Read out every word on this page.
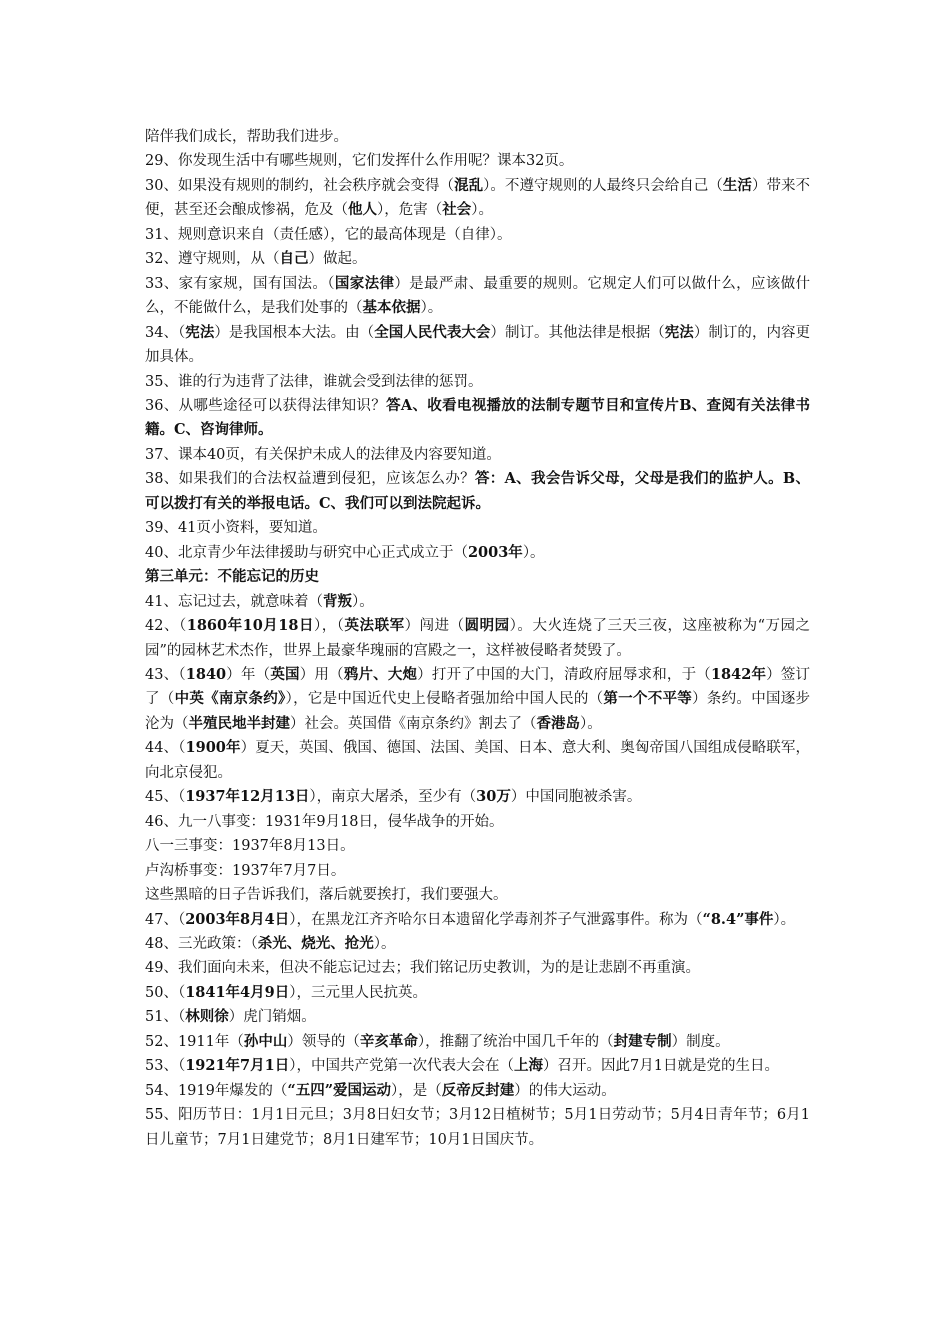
陪伴我们成长，帮助我们进步。

29、你发现生活中有哪些规则，它们发挥什么作用呢？课本32页。

30、如果没有规则的制约，社会秩序就会变得（混乱）。不遵守规则的人最终只会给自己（生活）带来不便，甚至还会酿成惨祸，危及（他人），危害（社会）。

31、规则意识来自（责任感），它的最高体现是（自律）。

32、遵守规则，从（自己）做起。

33、家有家规，国有国法。（国家法律）是最严肃、最重要的规则。它规定人们可以做什么，应该做什么，不能做什么，是我们处事的（基本依据）。

34、（宪法）是我国根本大法。由（全国人民代表大会）制订。其他法律是根据（宪法）制订的，内容更加具体。

35、谁的行为违背了法律，谁就会受到法律的惩罚。

36、从哪些途径可以获得法律知识？答A、收看电视播放的法制专题节目和宣传片B、查阅有关法律书籍。C、咨询律师。

37、课本40页，有关保护未成人的法律及内容要知道。

38、如果我们的合法权益遭到侵犯，应该怎么办？答：A、我会告诉父母，父母是我们的监护人。B、可以拨打有关的举报电话。C、我们可以到法院起诉。

39、41页小资料，要知道。

40、北京青少年法律援助与研究中心正式成立于（2003年）。

第三单元：不能忘记的历史

41、忘记过去，就意味着（背叛）。

42、（1860年10月18日），（英法联军）闯进（圆明园）。大火连烧了三天三夜，这座被称为“万园之园”的园林艺术杰作，世界上最豪华瑰丽的宫殿之一，这样被侵略者焚毁了。

43、（1840）年（英国）用（鸦片、大炮）打开了中国的大门，清政府屈辱求和，于（1842年）签订了（中英《南京条约》），它是中国近代史上侵略者强加给中国人民的（第一个不平等）条约。中国逐步沦为（半殖民地半封建）社会。英国借《南京条约》割去了（香港岛）。

44、（1900年）夏天，英国、俄国、德国、法国、美国、日本、意大利、奥匈帝国八国组成侵略联军，向北京侵犯。

45、（1937年12月13日），南京大屠杀，至少有（30万）中国同胞被杀害。

46、九一八事变：1931年9月18日，侵华战争的开始。

八一三事变：1937年8月13日。

卢沟桥事变：1937年7月7日。

这些黑暗的日子告诉我们，落后就要挨打，我们要强大。

47、（2003年8月4日），在黑龙江齐齐哈尔日本遗留化学毒剂芥子气泄露事件。称为（“8.4”事件）。

48、三光政策：（杀光、烧光、抢光）。

49、我们面向未来，但决不能忘记过去；我们铭记历史教训，为的是让悲剧不再重演。

50、（1841年4月9日），三元里人民抗英。

51、（林则徐）虎门销烟。

52、1911年（孙中山）领导的（辛亥革命），推翻了统治中国几千年的（封建专制）制度。

53、（1921年7月1日），中国共产党第一次代表大会在（上海）召开。因此7月1日就是党的生日。

54、1919年爆发的（“五四”爱国运动），是（反帝反封建）的伟大运动。

55、阳历节日：1月1日元旦；3月8日妇女节；3月12日植树节；5月1日劳动节；5月4日青年节；6月1日儿童节；7月1日建党节；8月1日建军节；10月1日国庆节。
